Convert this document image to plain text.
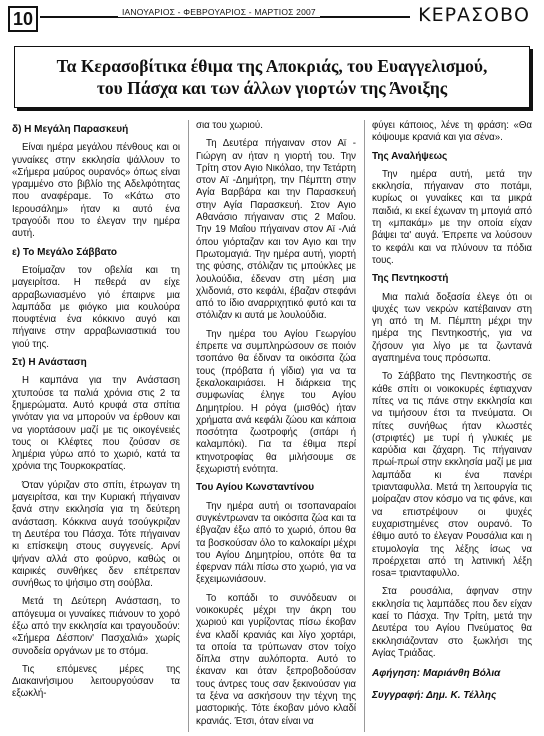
10	ΙΑΝΟΥΑΡΙΟΣ - ΦΕΒΡΟΥΑΡΙΟΣ - ΜΑΡΤΙΟΣ 2007	ΚΕΡΑΣΟΒΟ
Τα Κερασοβίτικα έθιμα της Αποκριάς, του Ευαγγελισμού,
του Πάσχα και των άλλων γιορτών της Άνοιξης
δ) Η Μεγάλη Παρασκευή

Είναι ημέρα μεγάλου πένθους και οι γυναίκες στην εκκλησία ψάλλουν το «Σήμερα μαύρος ουρανός» όπως είναι γραμμένο στο βιβλίο της Αδελφότητας που αναφέραμε. Το «Κάτω στο Ιερουσάλημ» ήταν κι αυτό ένα τραγούδι που το έλεγαν την ημέρα αυτή.

ε) Το Μεγάλο Σάββατο

Ετοίμαζαν τον οβελία και τη μαγειρίτσα. Η πεθερά αν είχε αρραβωνιασμένο γιό έπαιρνε μια λαμπάδα με φιόγκο μια κουλούρα πουφτένια ένα κόκκινο αυγό και πήγαινε στην αρραβωνιαστικιά του γιού της.

Στ) Η Ανάσταση

Η καμπάνα για την Ανάσταση χτυπούσε τα παλιά χρόνια στις 2 τα ξημερώματα. Αυτό κρυφά στα σπίτια γινόταν για να μπορούν να έρθουν και να γιορτάσουν μαζί με τις οικογένειές τους οι Κλέφτες που ζούσαν σε λημέρια γύρω από το χωριό, κατά τα χρόνια της Τουρκοκρατίας.

Όταν γύριζαν στο σπίτι, έτρωγαν τη μαγειρίτσα, και την Κυριακή πήγαιναν ξανά στην εκκλησία για τη δεύτερη ανάσταση. Κόκκινα αυγά τσούγκριζαν τη Δευτέρα του Πάσχα. Τότε πήγαιναν κι επίσκεψη στους συγγενείς. Αρνί ψήναν αλλά στο φούρνο, καθώς οι καιρικές συνθήκες δεν επέτρεπαν συνήθως το ψήσιμο στη σούβλα.

Μετά τη Δεύτερη Ανάσταση, το απόγευμα οι γυναίκες πιάνουν το χορό έξω από την εκκλησία και τραγουδούν: «Σήμερα Δέσποιν' Πασχαλιά» χωρίς συνοδεία οργάνων με το στόμα.

Τις επόμενες μέρες της Διακαινήσιμου λειτουργούσαν τα εξωκλή-

σια του χωριού.

Τη Δευτέρα πήγαιναν στον Αϊ - Γιώργη αν ήταν η γιορτή του. Την Τρίτη στον Αγιο Νικόλαο, την Τετάρτη στον Αϊ -Δημήτρη, την Πέμπτη στην Αγία Βαρβάρα και την Παρασκευή στην Αγία Παρασκευή. Στον Αγιο Αθανάσιο πήγαιναν στις 2 Μαΐου. Την 19 Μαΐου πήγαιναν στον Αϊ -Λιά όπου γιόρταζαν και τον Αγιο και την Πρωτομαγιά. Την ημέρα αυτή, γιορτή της φύσης, στόλιζαν τις μπούκλες με λουλούδια, έδεναν στη μέση μια χλιδονιά, στο κεφάλι, έβαζαν στεφάνι από το ίδιο αναρριχητικό φυτό και τα στόλιζαν κι αυτά με λουλούδια.

Την ημέρα του Αγίου Γεωργίου έπρεπε να συμπληρώσουν σε ποιόν τσοπάνο θα έδιναν τα οικόσιτα ζώα τους (πρόβατα ή γίδια) για να τα ξεκαλοκαιριάσει. Η διάρκεια της συμφωνίας έληγε του Αγίου Δημητρίου. Η ρόγα (μισθός) ήταν χρήματα ανά κεφάλι ζώου και κάποια ποσότητα ζωοτροφής (σιτάρι ή καλαμπόκι). Για τα έθιμα περί κτηνοτροφίας θα μιλήσουμε σε ξεχωριστή ενότητα.

Του Αγίου Κωνσταντίνου

Την ημέρα αυτή οι τσοπαναραίοι συγκέντρωναν τα οικόσιτα ζώα και τα έβγαζαν έξω από το χωριό, όπου θα τα βοσκούσαν όλο το καλοκαίρι μέχρι του Αγίου Δημητρίου, οπότε θα τα έφερναν πάλι πίσω στο χωριό, για να ξεχειμωνιάσουν.

Το κοπάδι το συνόδευαν οι νοικοκυρές μέχρι την άκρη του χωριού και γυρίζοντας πίσω έκοβαν ένα κλαδί κρανιάς και λίγο χορτάρι, τα οποία τα τρύπωναν στον τοίχο δίπλα στην αυλόπορτα. Αυτό το έκαναν και όταν ξεπροβοδούσαν τους άντρες τους σαν ξεκινούσαν για τα ξένα να ασκήσουν την τέχνη της μαστορικής. Τότε έκοβαν μόνο κλαδί κρανιάς. Έτσι, όταν είναι να

φύγει κάποιος, λένε τη φράση: «Θα κόψουμε κρανιά και για σένα».

Της Αναλήψεως

Την ημέρα αυτή, μετά την εκκλησία, πήγαιναν στο ποτάμι, κυρίως οι γυναίκες και τα μικρά παιδιά, κι εκεί έχωναν τη μπογιά από τη «μπακάμ» με την οποία είχαν βάψει τα' αυγά. Έπρεπε να λούσουν το κεφάλι και να πλύνουν τα πόδια τους.

Της Πεντηκοστή

Μια παλιά δοξασία έλεγε ότι οι ψυχές των νεκρών κατέβαιναν στη γη από τη Μ. Πέμπτη μέχρι την ημέρα της Πεντηκοστής, για να ζήσουν για λίγο με τα ζωντανά αγαπημένα τους πρόσωπα.

Το Σάββατο της Πεντηκοστής σε κάθε σπίτι οι νοικοκυρές έφτιαχναν πίτες να τις πάνε στην εκκλησία και να τιμήσουν έτσι τα πνεύματα. Οι πίτες συνήθως ήταν κλωστές (στριφτές) με τυρί ή γλυκιές με καρύδια και ζάχαρη. Τις πήγαιναν πρωί-πρωί στην εκκλησία μαζί με μια λαμπάδα κι ένα πανέρι τριανταφυλλα. Μετά τη λειτουργία τις μοίραζαν στον κόσμο να τις φάνε, και να επιστρέψουν οι ψυχές ευχαριστημένες στον ουρανό. Το έθιμο αυτό το έλεγαν Ρουσάλια και η ετυμολογία της λέξης ίσως να προέρχεται από τη λατινική λέξη rosa= τριανταφυλλο.

Στα ρουσάλια, άφηναν στην εκκλησία τις λαμπάδες που δεν είχαν καεί το Πάσχα. Την Τρίτη, μετά την Δευτέρα του Αγίου Πνεύματος θα εκκλησιάζονταν στο ξωκλήσι της Αγίας Τριάδας.

Αφήγηση: Μαριάνθη Βόλια
Συγγραφή: Δημ. Κ. Τέλλης
